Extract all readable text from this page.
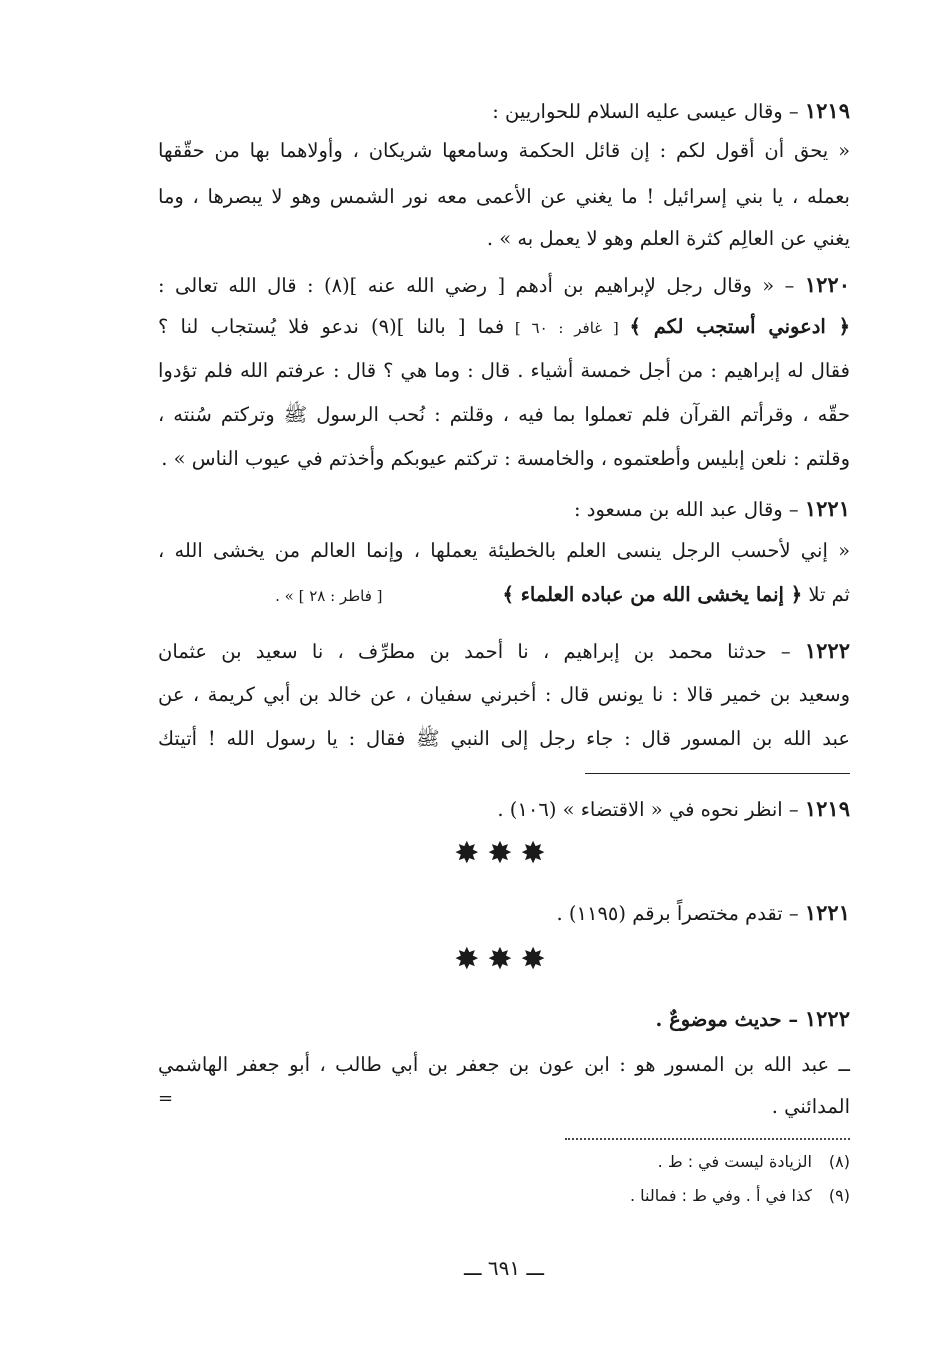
١٢١٩ – وقال عيسى عليه السلام للحواريين :
« يحق أن أقول لكم : إن قائل الحكمة وسامعها شريكان ، وأولاهما بها من حقّقها
بعمله ، يا بني إسرائيل ! ما يغني عن الأعمى معه نور الشمس وهو لا يبصرها ، وما
يغني عن العالِم كثرة العلم وهو لا يعمل به » .
١٢٢٠ – « وقال رجل لإبراهيم بن أدهم [ رضي الله عنه ](٨) : قال الله تعالى :
﴿ ادعوني أستجب لكم ﴾ [ غافر : ٦٠ ] فما [ بالنا ](٩) ندعو فلا يُستجاب لنا ؟
فقال له إبراهيم : من أجل خمسة أشياء . قال : وما هي ؟ قال : عرفتم الله فلم تؤدوا
حقّه ، وقرأتم القرآن فلم تعملوا بما فيه ، وقلتم : نُحب الرسول ﷺ وتركتم سُنته ،
وقلتم : نلعن إبليس وأطعتموه ، والخامسة : تركتم عيوبكم وأخذتم في عيوب الناس » .
١٢٢١ – وقال عبد الله بن مسعود :
« إني لأحسب الرجل ينسى العلم بالخطيئة يعملها ، وإنما العالم من يخشى الله ،
ثم تلا ﴿ إنما يخشى الله من عباده العلماء ﴾[ فاطر : ٢٨ ] » .
١٢٢٢ – حدثنا محمد بن إبراهيم ، نا أحمد بن مطرِّف ، نا سعيد بن عثمان
وسعيد بن خمير قالا : نا يونس قال : أخبرني سفيان ، عن خالد بن أبي كريمة ، عن
عبد الله بن المسور قال : جاء رجل إلى النبي ﷺ فقال : يا رسول الله ! أتيتك
١٢١٩ – انظر نحوه في « الاقتضاء » (١٠٦) .
✸✸✸
١٢٢١ – تقدم مختصراً برقم (١١٩٥) .
✸✸✸
١٢٢٢ – حديث موضوعٌ .
ــ عبد الله بن المسور هو : ابن عون بن جعفر بن أبي طالب ، أبو جعفر الهاشمي
المدائني .
=
(٨)الزيادة ليست في : ط .
(٩)كذا في أ . وفي ط : فمالنا .
ـــ ٦٩١ ـــ
